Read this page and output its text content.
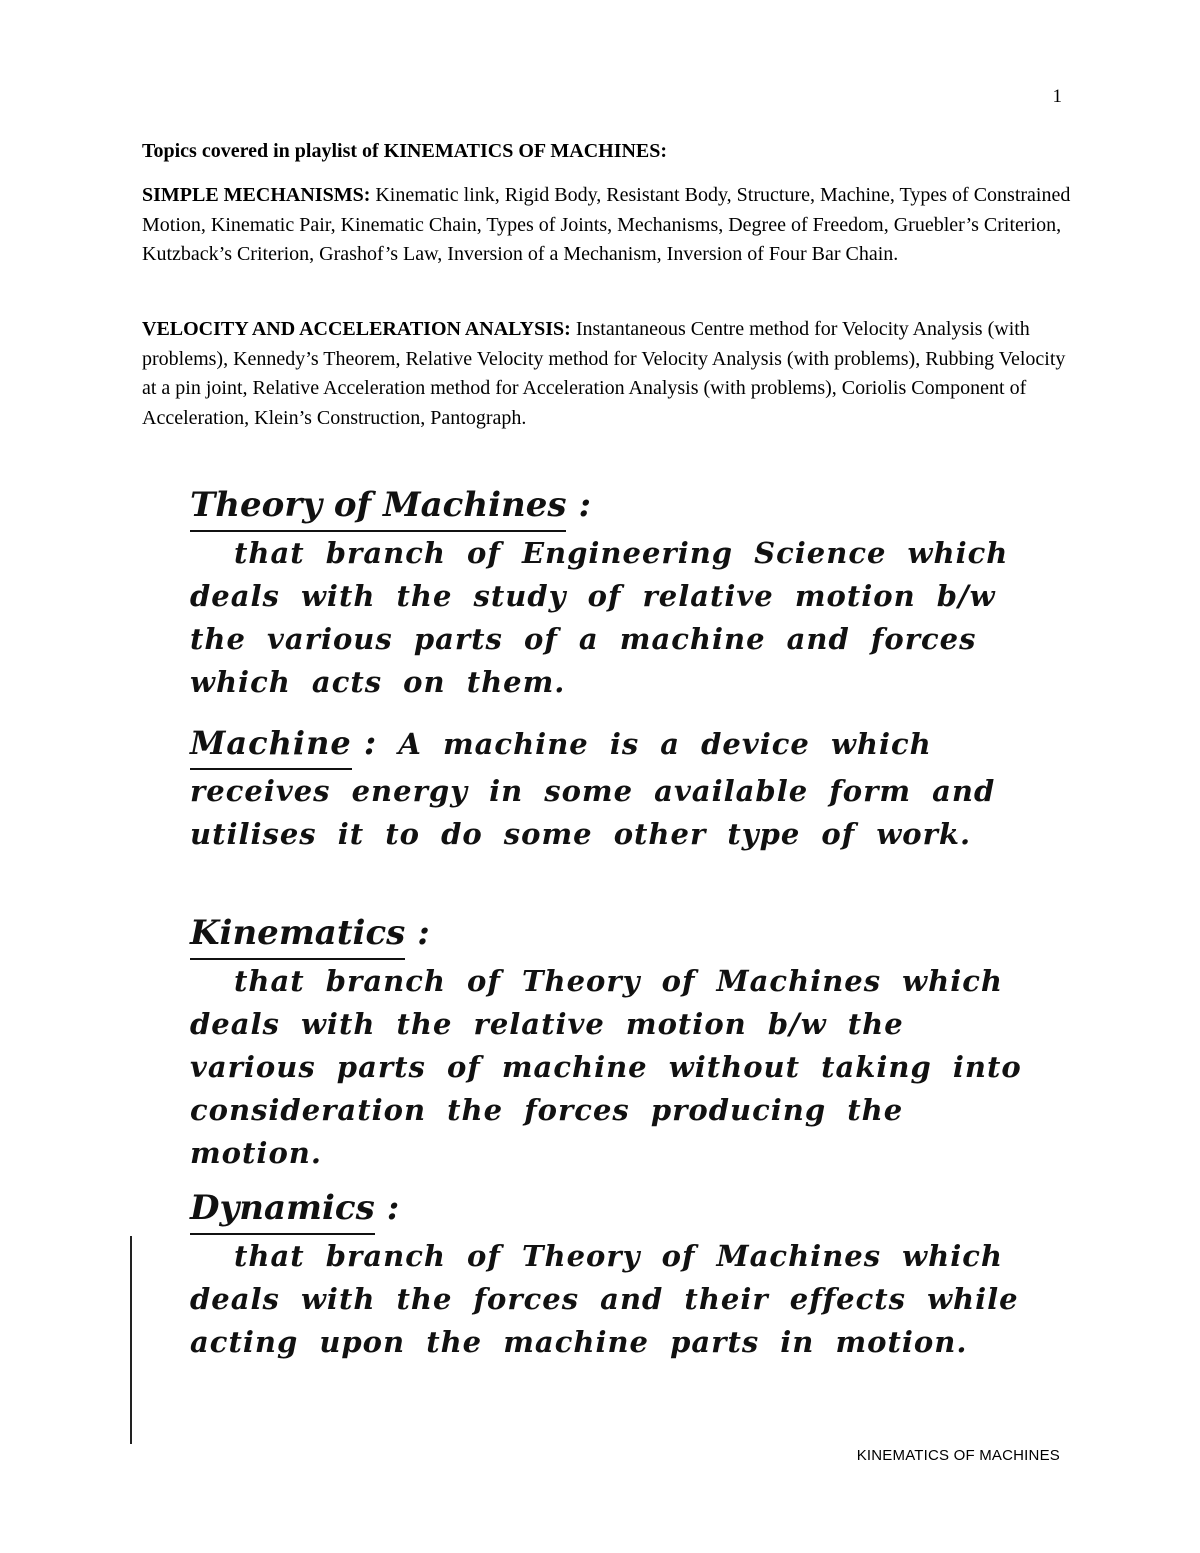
1
Topics covered in playlist of KINEMATICS OF MACHINES:
SIMPLE MECHANISMS: Kinematic link, Rigid Body, Resistant Body, Structure, Machine, Types of Constrained Motion, Kinematic Pair, Kinematic Chain, Types of Joints, Mechanisms, Degree of Freedom, Gruebler’s Criterion, Kutzback’s Criterion, Grashof’s Law, Inversion of a Mechanism, Inversion of Four Bar Chain.
VELOCITY AND ACCELERATION ANALYSIS: Instantaneous Centre method for Velocity Analysis (with problems), Kennedy’s Theorem, Relative Velocity method for Velocity Analysis (with problems), Rubbing Velocity at a pin joint, Relative Acceleration method for Acceleration Analysis (with problems), Coriolis Component of Acceleration, Klein’s Construction, Pantograph.
Theory of Machines :
that branch of Engineering Science which deals with the study of relative motion b/w the various parts of a machine and forces which acts on them.
Machine : A machine is a device which receives energy in some available form and utilises it to do some other type of work.
Kinematics :
that branch of Theory of Machines which deals with the relative motion b/w the various parts of machine without taking into consideration the forces producing the motion.
Dynamics :
that branch of Theory of Machines which deals with the forces and their effects while acting upon the machine parts in motion.
KINEMATICS OF MACHINES
